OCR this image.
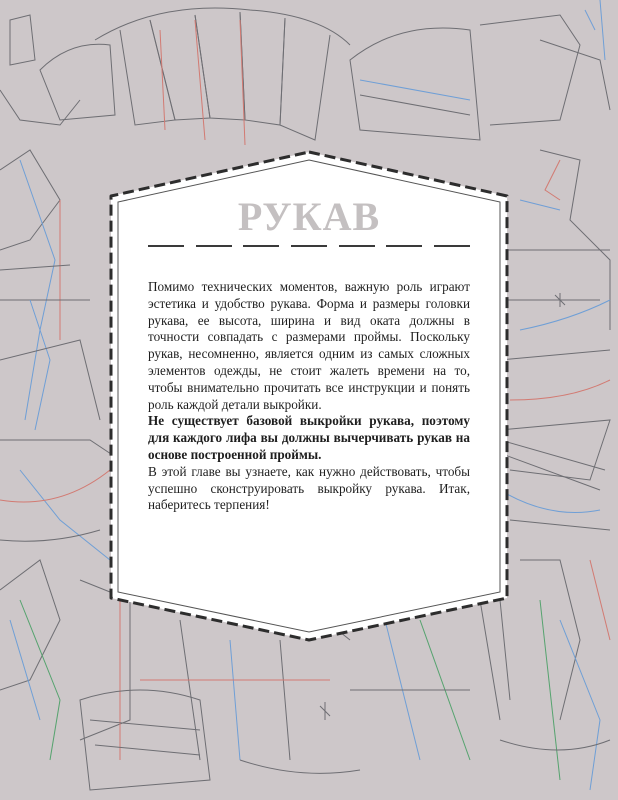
РУКАВ

Помимо технических моментов, важную роль играют эстетика и удобство рукава. Форма и размеры головки рукава, ее высота, ширина и вид оката должны в точности совпадать с размерами проймы. Поскольку рукав, несомненно, является одним из самых сложных элементов одежды, не стоит жалеть времени на то, чтобы внимательно прочитать все инструкции и понять роль каждой детали выкройки.

Не существует базовой выкройки рукава, поэтому для каждого лифа вы должны вычерчивать рукав на основе построенной проймы.

В этой главе вы узнаете, как нужно действовать, чтобы успешно сконструировать выкройку рукава. Итак, наберитесь терпения!
